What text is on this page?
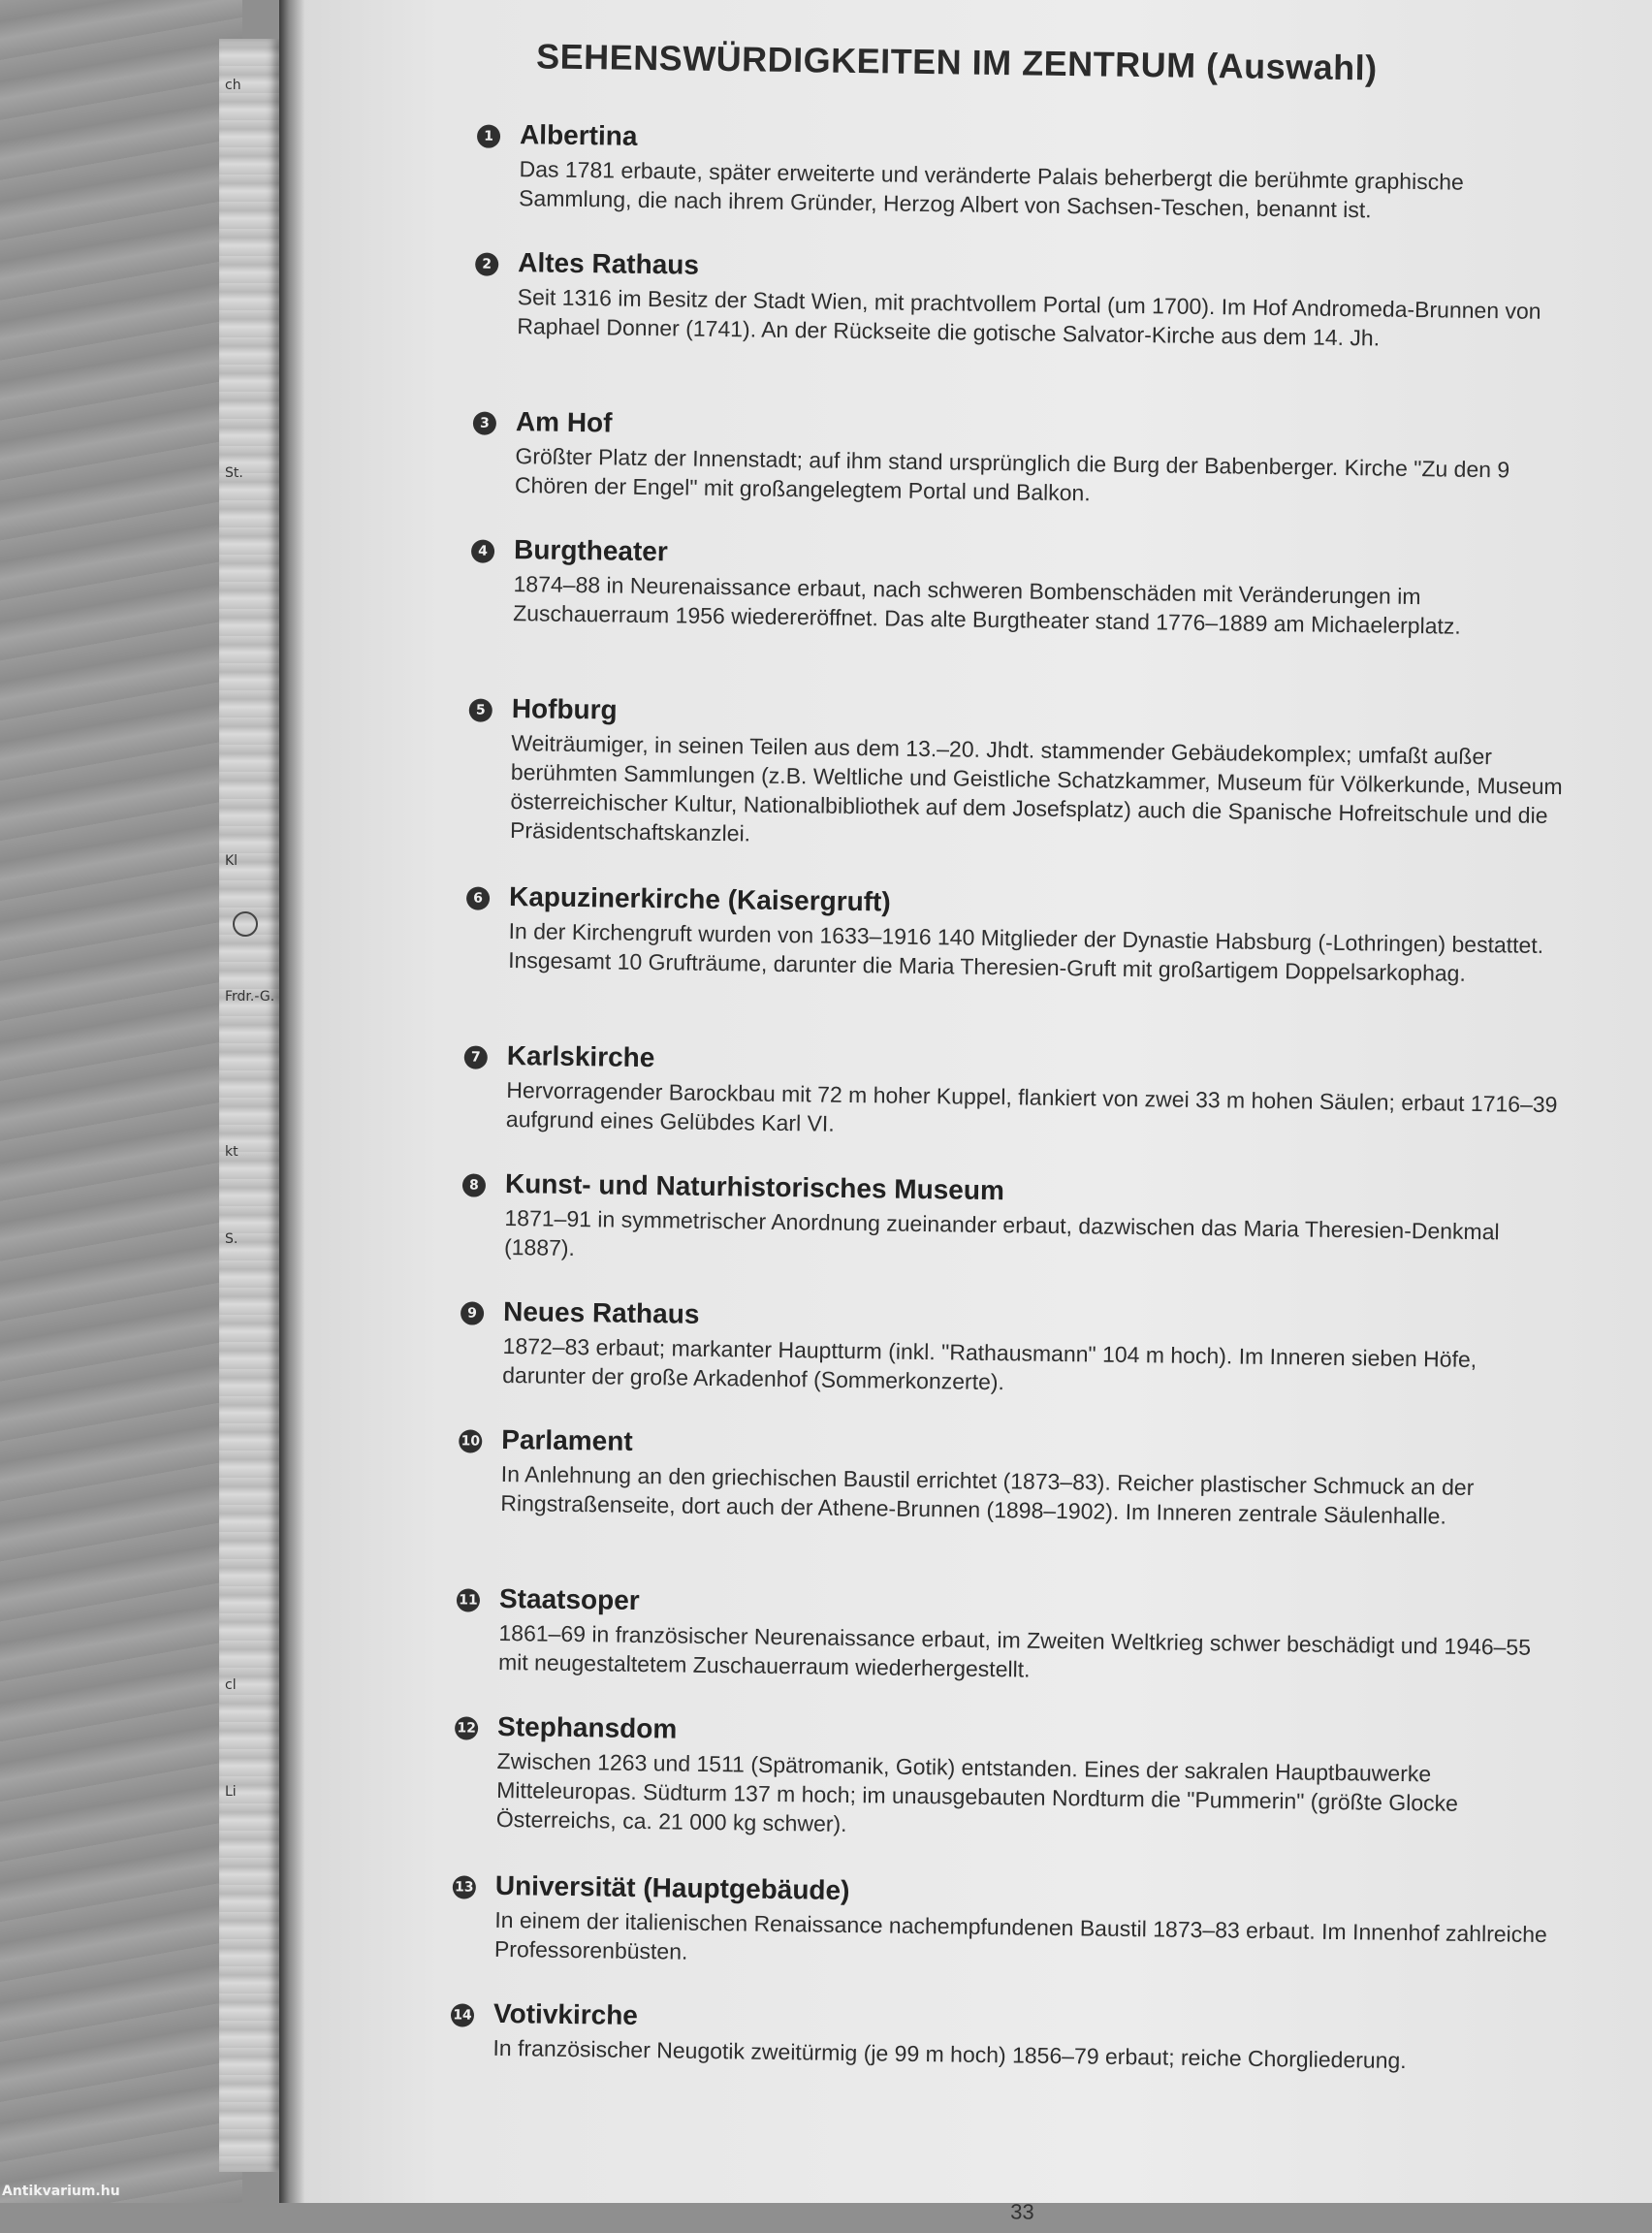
ch
St.
Kl
Frdr.-G.
kt
S.
Li
cl
SEHENSWÜRDIGKEITEN IM ZENTRUM (Auswahl)
1 Albertina

Das 1781 erbaute, später erweiterte und veränderte Palais beherbergt die berühmte graphische Sammlung, die nach ihrem Gründer, Herzog Albert von Sachsen-Teschen, benannt ist.

2 Altes Rathaus

Seit 1316 im Besitz der Stadt Wien, mit prachtvollem Portal (um 1700). Im Hof Andromeda-Brunnen von Raphael Donner (1741). An der Rückseite die gotische Salvator-Kirche aus dem 14. Jh.

3 Am Hof

Größter Platz der Innenstadt; auf ihm stand ursprünglich die Burg der Babenberger. Kirche "Zu den 9 Chören der Engel" mit großangelegtem Portal und Balkon.

4 Burgtheater

1874–88 in Neurenaissance erbaut, nach schweren Bombenschäden mit Veränderungen im Zuschauerraum 1956 wiedereröffnet. Das alte Burgtheater stand 1776–1889 am Michaelerplatz.

5 Hofburg

Weiträumiger, in seinen Teilen aus dem 13.–20. Jhdt. stammender Gebäudekomplex; umfaßt außer berühmten Sammlungen (z.B. Weltliche und Geistliche Schatzkammer, Museum für Völkerkunde, Museum österreichischer Kultur, Nationalbibliothek auf dem Josefsplatz) auch die Spanische Hofreitschule und die Präsidentschaftskanzlei.

6 Kapuzinerkirche (Kaisergruft)

In der Kirchengruft wurden von 1633–1916 140 Mitglieder der Dynastie Habsburg (-Lothringen) bestattet. Insgesamt 10 Grufträume, darunter die Maria Theresien-Gruft mit großartigem Doppelsarkophag.

7 Karlskirche

Hervorragender Barockbau mit 72 m hoher Kuppel, flankiert von zwei 33 m hohen Säulen; erbaut 1716–39 aufgrund eines Gelübdes Karl VI.

8 Kunst- und Naturhistorisches Museum

1871–91 in symmetrischer Anordnung zueinander erbaut, dazwischen das Maria Theresien-Denkmal (1887).

9 Neues Rathaus

1872–83 erbaut; markanter Hauptturm (inkl. "Rathausmann" 104 m hoch). Im Inneren sieben Höfe, darunter der große Arkadenhof (Sommerkonzerte).

10 Parlament

In Anlehnung an den griechischen Baustil errichtet (1873–83). Reicher plastischer Schmuck an der Ringstraßenseite, dort auch der Athene-Brunnen (1898–1902). Im Inneren zentrale Säulenhalle.

11 Staatsoper

1861–69 in französischer Neurenaissance erbaut, im Zweiten Weltkrieg schwer beschädigt und 1946–55 mit neugestaltetem Zuschauerraum wiederhergestellt.

12 Stephansdom

Zwischen 1263 und 1511 (Spätromanik, Gotik) entstanden. Eines der sakralen Hauptbauwerke Mitteleuropas. Südturm 137 m hoch; im unausgebauten Nordturm die "Pummerin" (größte Glocke Österreichs, ca. 21 000 kg schwer).

13 Universität (Hauptgebäude)

In einem der italienischen Renaissance nachempfundenen Baustil 1873–83 erbaut. Im Innenhof zahlreiche Professorenbüsten.

14 Votivkirche

In französischer Neugotik zweitürmig (je 99 m hoch) 1856–79 erbaut; reiche Chorgliederung.

33
Antikvarium.hu
